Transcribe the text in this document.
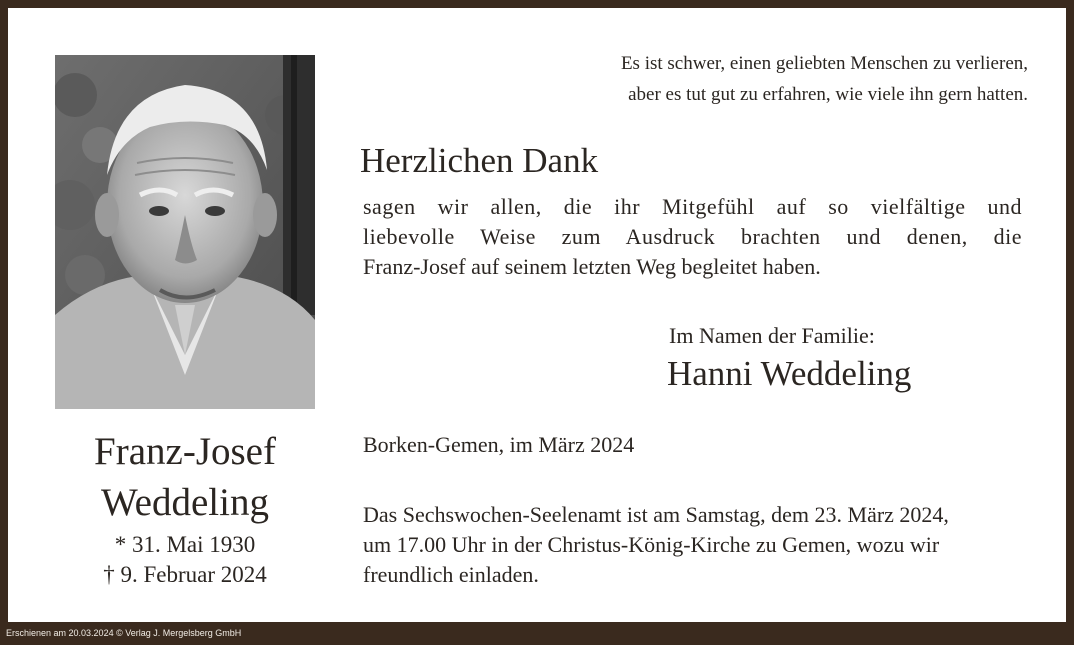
Franz-Josef
Weddeling
* 31. Mai 1930
† 9. Februar 2024
Es ist schwer, einen geliebten Menschen zu verlieren,
aber es tut gut zu erfahren, wie viele ihn gern hatten.
Herzlichen Dank
sagen wir allen, die ihr Mitgefühl auf so vielfältige und
liebevolle Weise zum Ausdruck brachten und denen, die
Franz-Josef auf seinem letzten Weg begleitet haben.
Im Namen der Familie:
Hanni Weddeling
Borken-Gemen, im März 2024
Das Sechswochen-Seelenamt ist am Samstag, dem 23. März 2024,
um 17.00 Uhr in der Christus-König-Kirche zu Gemen, wozu wir
freundlich einladen.
Erschienen am 20.03.2024 © Verlag J. Mergelsberg GmbH
